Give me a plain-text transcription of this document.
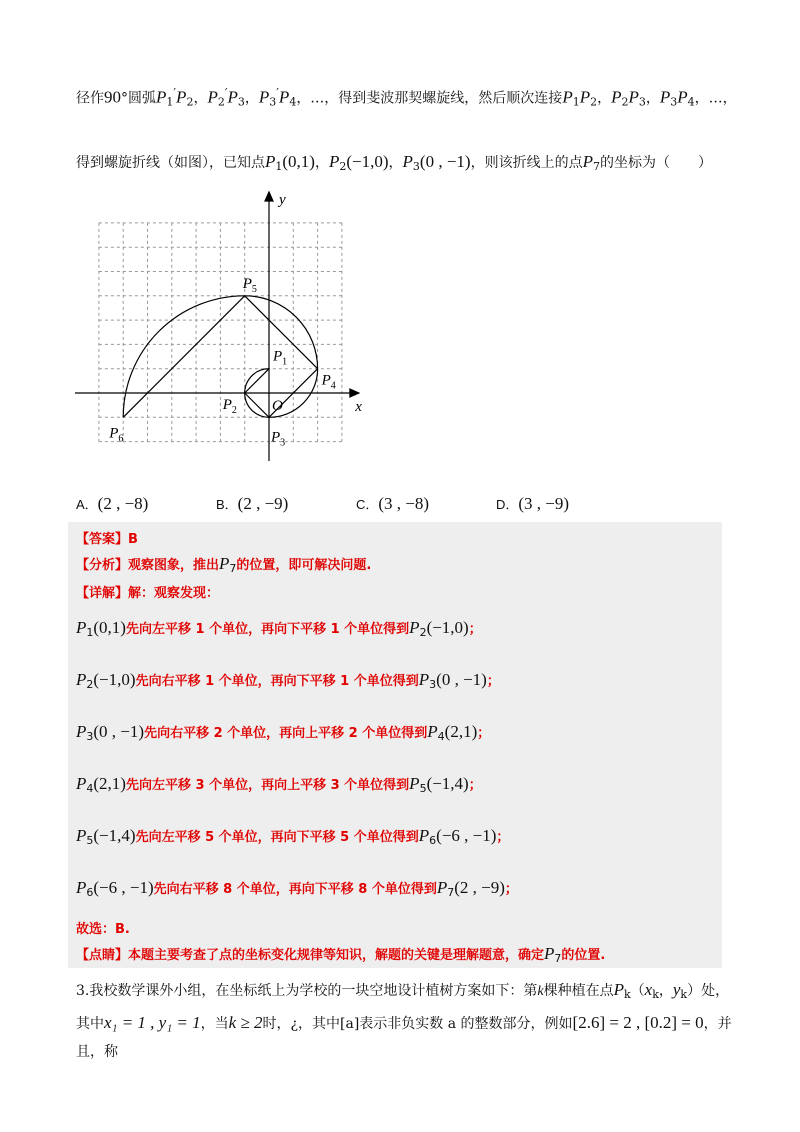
径作90°圆弧$P_1'P_2$，$P_2'P_3$，$P_3'P_4$，…，得到斐波那契螺旋线，然后顺次连接$P_1P_2$，$P_2P_3$，$P_3P_4$，…，
得到螺旋折线（如图），已知点$P_1(0,1)$，$P_2(-1,0)$，$P_3(0$ , −1)，则该折线上的点$P_7$的坐标为（　　）
$P_1$
$P_2$
$P_3$
$P_4$
$P_5$
$P_6$
O	x
y
A．(2 , −8)	B．(2 , −9)	C．(3 , −8)	D．(3 , −9)
【答案】B
【分析】观察图象，推出$P_7$的位置，即可解决问题.
【详解】解：观察发现：
$P_1(0,1)$先向左平移 1 个单位，再向下平移 1 个单位得到$P_2(-1,0)$；
$P_2(-1,0)$先向右平移 1 个单位，再向下平移 1 个单位得到$P_3(0$ , −1)；
$P_3(0$ , −1)先向右平移 2 个单位，再向上平移 2 个单位得到$P_4(2,1)$；
$P_4(2,1)$先向左平移 3 个单位，再向上平移 3 个单位得到$P_5(-1,4)$；
$P_5(-1,4)$先向左平移 5 个单位，再向下平移 5 个单位得到$P_6(-6$ , −1)；
$P_6(-6$ , −1)先向右平移 8 个单位，再向下平移 8 个单位得到$P_7(2$ , −9)；
故选：B.
【点睛】本题主要考查了点的坐标变化规律等知识，解题的关键是理解题意，确定$P_7$的位置.
3.我校数学课外小组，在坐标纸上为学校的一块空地设计植树方案如下：第k棵种植在点$P_k(x_k$，$y_k$）处，
其中x₁ = 1 , y₁ = 1，当k ≥ 2时，¿，其中[a]表示非负实数 a 的整数部分，例如[2.6] = 2 , [0.2] = 0，并且，称
